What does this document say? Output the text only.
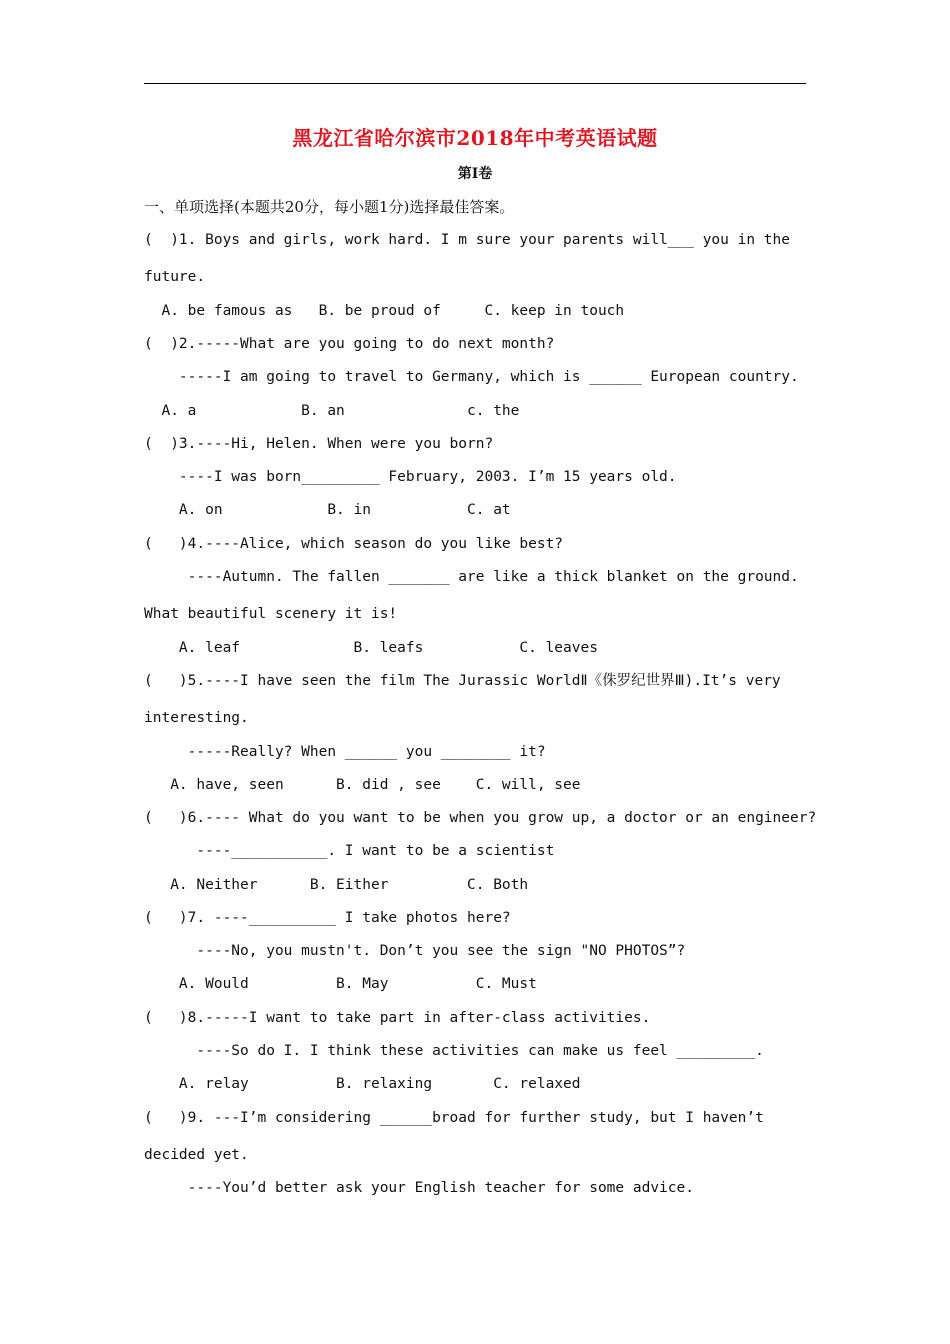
黑龙江省哈尔滨市2018年中考英语试题
第Ⅰ卷
一、单项选择(本题共20分，每小题1分)选择最佳答案。
(  )1. Boys and girls, work hard. I m sure your parents will___ you in the
future.
A. be famous as   B. be proud of     C. keep in touch
(  )2.-----What are you going to do next month?
-----I am going to travel to Germany, which is ______ European country.
A. a            B. an              c. the
(  )3.----Hi, Helen. When were you born?
----I was born_________ February, 2003. I’m 15 years old.
A. on            B. in           C. at
(   )4.----Alice, which season do you like best?
----Autumn. The fallen _______ are like a thick blanket on the ground.
What beautiful scenery it is!
A. leaf             B. leafs           C. leaves
(   )5.----I have seen the film The Jurassic WorldⅡ《侏罗纪世界Ⅲ).It’s very
interesting.
-----Really? When ______ you ________ it?
A. have, seen      B. did , see    C. will, see
(   )6.---- What do you want to be when you grow up, a doctor or an engineer?
----___________. I want to be a scientist
A. Neither      B. Either         C. Both
(   )7. ----__________ I take photos here?
----No, you mustn't. Don’t you see the sign "NO PHOTOS”?
A. Would          B. May          C. Must
(   )8.-----I want to take part in after-class activities.
----So do I. I think these activities can make us feel _________.
A. relay          B. relaxing       C. relaxed
(   )9. ---I’m considering ______broad for further study, but I haven’t
decided yet.
----You’d better ask your English teacher for some advice.
